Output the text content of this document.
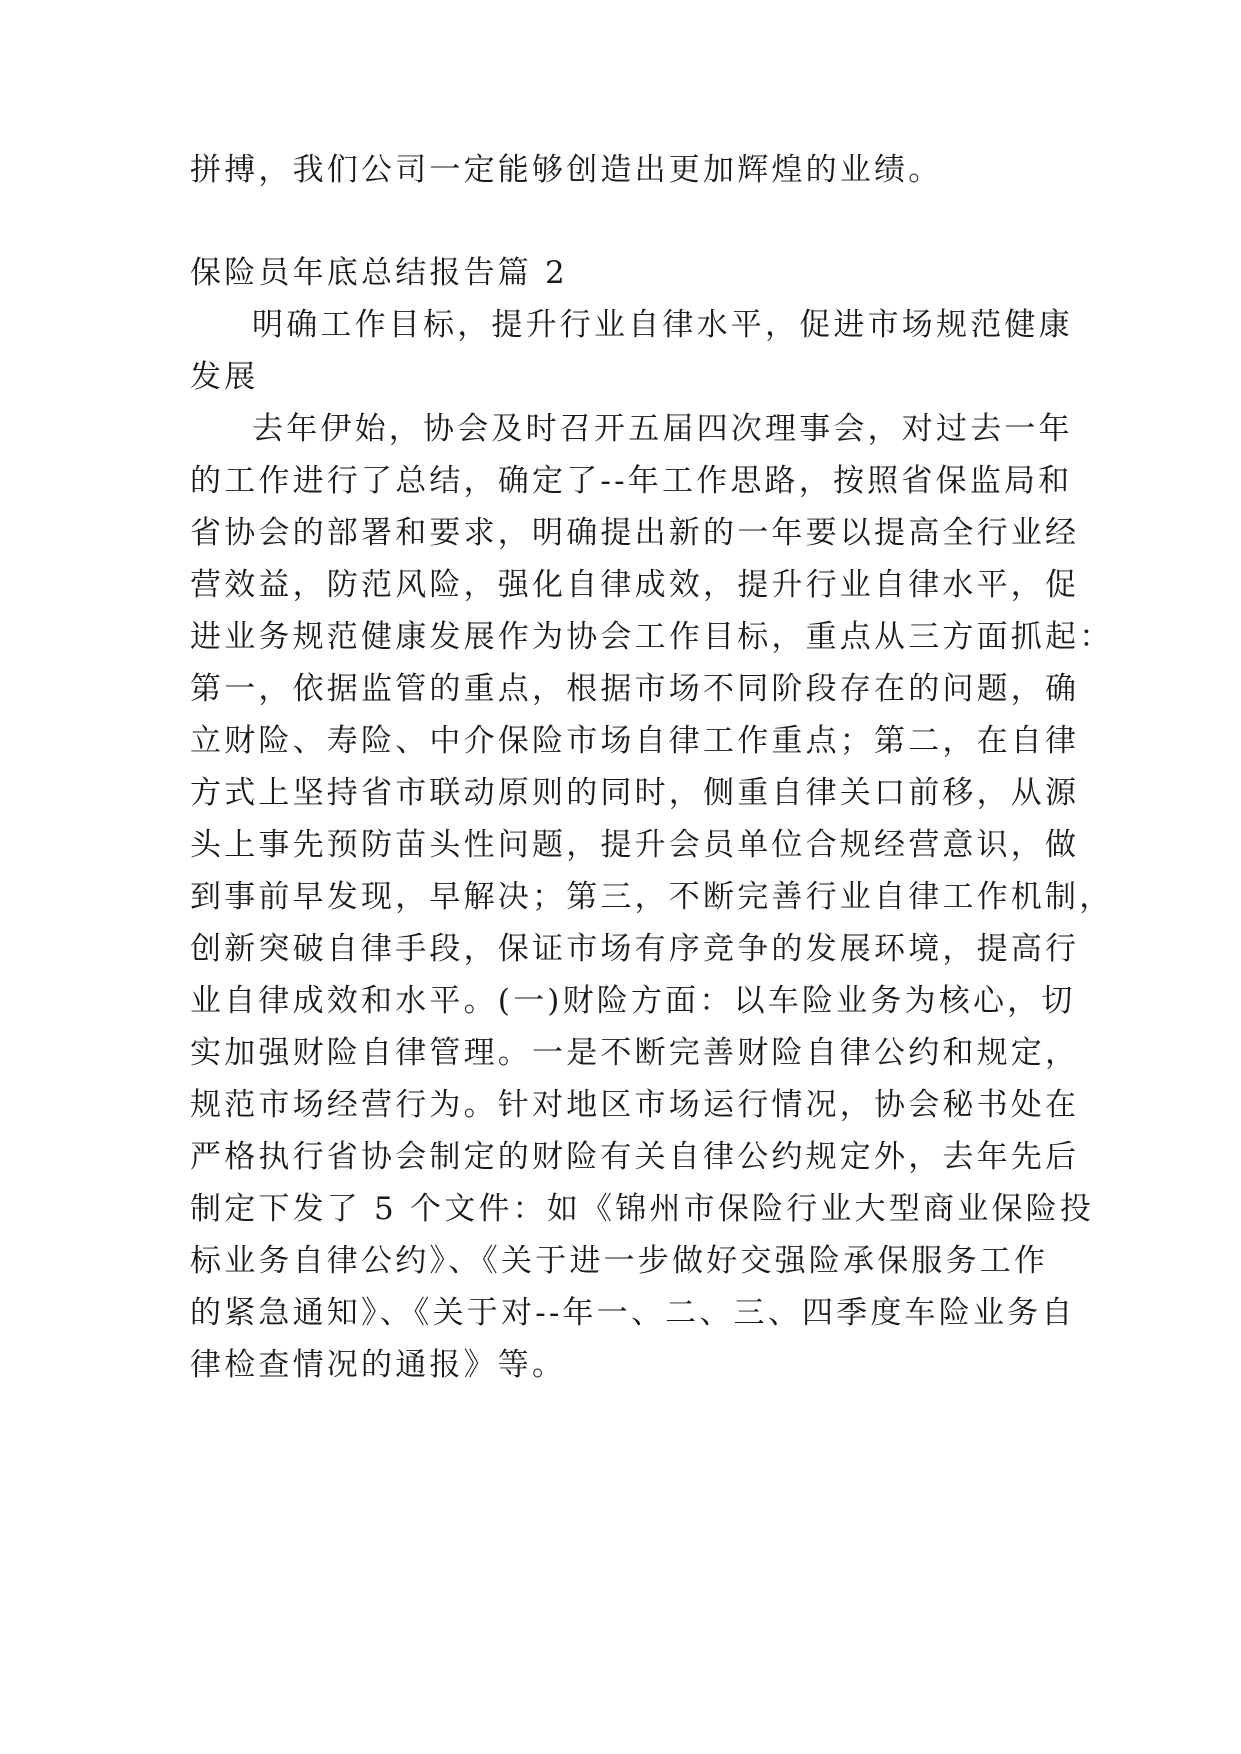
拼搏，我们公司一定能够创造出更加辉煌的业绩。
保险员年底总结报告篇 2
明确工作目标，提升行业自律水平，促进市场规范健康
发展
去年伊始，协会及时召开五届四次理事会，对过去一年
的工作进行了总结，确定了--年工作思路，按照省保监局和
省协会的部署和要求，明确提出新的一年要以提高全行业经
营效益，防范风险，强化自律成效，提升行业自律水平，促
进业务规范健康发展作为协会工作目标，重点从三方面抓起：
第一，依据监管的重点，根据市场不同阶段存在的问题，确
立财险、寿险、中介保险市场自律工作重点；第二，在自律
方式上坚持省市联动原则的同时，侧重自律关口前移，从源
头上事先预防苗头性问题，提升会员单位合规经营意识，做
到事前早发现，早解决；第三，不断完善行业自律工作机制，
创新突破自律手段，保证市场有序竞争的发展环境，提高行
业自律成效和水平。(一)财险方面：以车险业务为核心，切
实加强财险自律管理。一是不断完善财险自律公约和规定，
规范市场经营行为。针对地区市场运行情况，协会秘书处在
严格执行省协会制定的财险有关自律公约规定外，去年先后
制定下发了 5 个文件：如《锦州市保险行业大型商业保险投
标业务自律公约》、《关于进一步做好交强险承保服务工作
的紧急通知》、《关于对--年一、二、三、四季度车险业务自
律检查情况的通报》等。
